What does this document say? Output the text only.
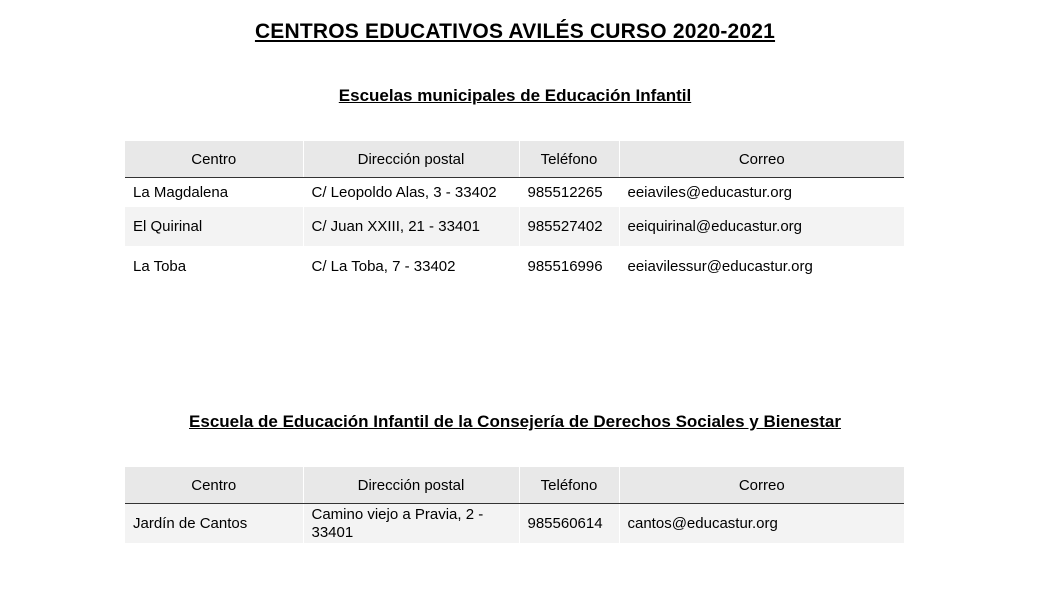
CENTROS EDUCATIVOS AVILÉS CURSO 2020-2021
Escuelas municipales de Educación Infantil
Centro	Dirección postal	Teléfono	Correo
La Magdalena	C/ Leopoldo Alas, 3 - 33402	985512265	eeiaviles@educastur.org
El Quirinal	C/ Juan XXIII, 21 - 33401	985527402	eeiquirinal@educastur.org
La Toba	C/ La Toba, 7 - 33402	985516996	eeiavilessur@educastur.org
Escuela de Educación Infantil de la Consejería de Derechos Sociales y Bienestar
Centro	Dirección postal	Teléfono	Correo
Jardín de Cantos	Camino viejo a Pravia, 2 - 33401	985560614	cantos@educastur.org
